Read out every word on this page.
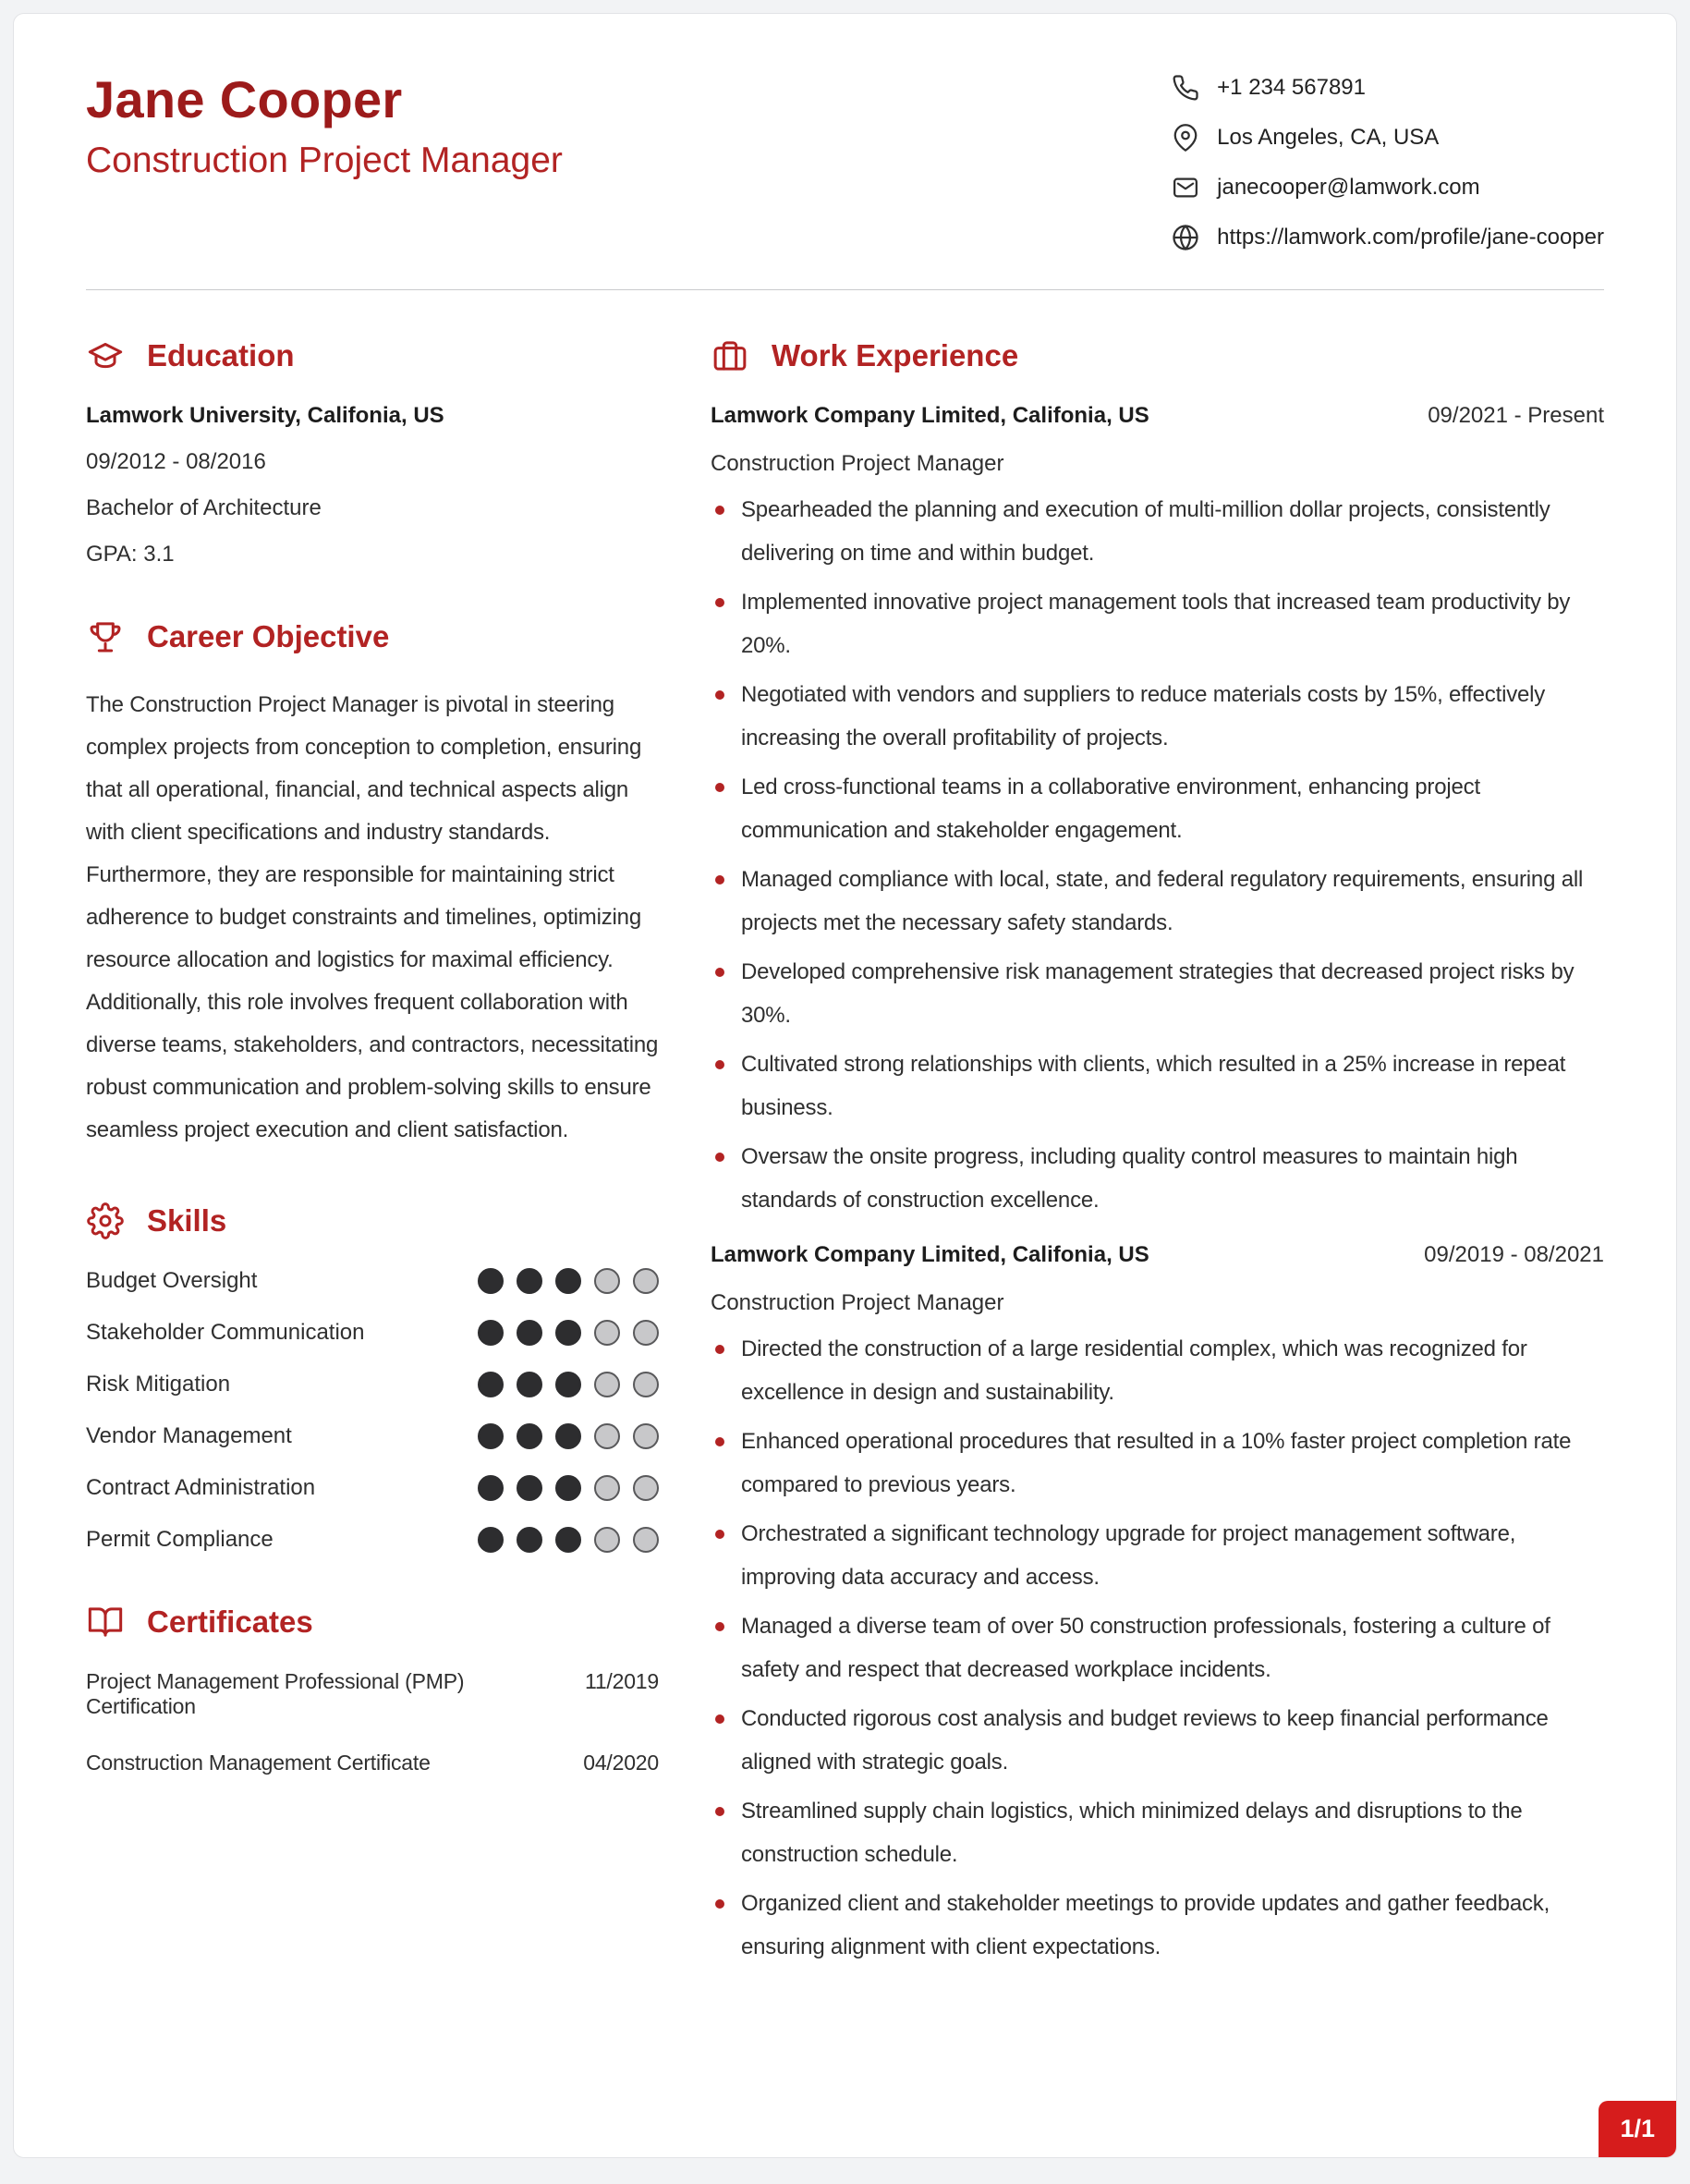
Jane Cooper
Construction Project Manager
+1 234 567891
Los Angeles, CA, USA
janecooper@lamwork.com
https://lamwork.com/profile/jane-cooper
Education
Lamwork University, Califonia, US
09/2012 - 08/2016
Bachelor of Architecture
GPA: 3.1
Career Objective

The Construction Project Manager is pivotal in steering complex projects from conception to completion, ensuring that all operational, financial, and technical aspects align with client specifications and industry standards. Furthermore, they are responsible for maintaining strict adherence to budget constraints and timelines, optimizing resource allocation and logistics for maximal efficiency. Additionally, this role involves frequent collaboration with diverse teams, stakeholders, and contractors, necessitating robust communication and problem-solving skills to ensure seamless project execution and client satisfaction.

Skills
Budget Oversight
Stakeholder Communication
Risk Mitigation
Vendor Management
Contract Administration
Permit Compliance
Certificates
Project Management Professional (PMP) Certification
11/2019
Construction Management Certificate	04/2020
Work Experience
Lamwork Company Limited, Califonia, US	09/2021 - Present
Construction Project Manager
Spearheaded the planning and execution of multi-million dollar projects, consistently delivering on time and within budget.
Implemented innovative project management tools that increased team productivity by 20%.
Negotiated with vendors and suppliers to reduce materials costs by 15%, effectively increasing the overall profitability of projects.
Led cross-functional teams in a collaborative environment, enhancing project communication and stakeholder engagement.
Managed compliance with local, state, and federal regulatory requirements, ensuring all projects met the necessary safety standards.
Developed comprehensive risk management strategies that decreased project risks by 30%.
Cultivated strong relationships with clients, which resulted in a 25% increase in repeat business.
Oversaw the onsite progress, including quality control measures to maintain high standards of construction excellence.
Lamwork Company Limited, Califonia, US	09/2019 - 08/2021
Construction Project Manager
Directed the construction of a large residential complex, which was recognized for excellence in design and sustainability.
Enhanced operational procedures that resulted in a 10% faster project completion rate compared to previous years.
Orchestrated a significant technology upgrade for project management software, improving data accuracy and access.
Managed a diverse team of over 50 construction professionals, fostering a culture of safety and respect that decreased workplace incidents.
Conducted rigorous cost analysis and budget reviews to keep financial performance aligned with strategic goals.
Streamlined supply chain logistics, which minimized delays and disruptions to the construction schedule.
Organized client and stakeholder meetings to provide updates and gather feedback, ensuring alignment with client expectations.
1/1
